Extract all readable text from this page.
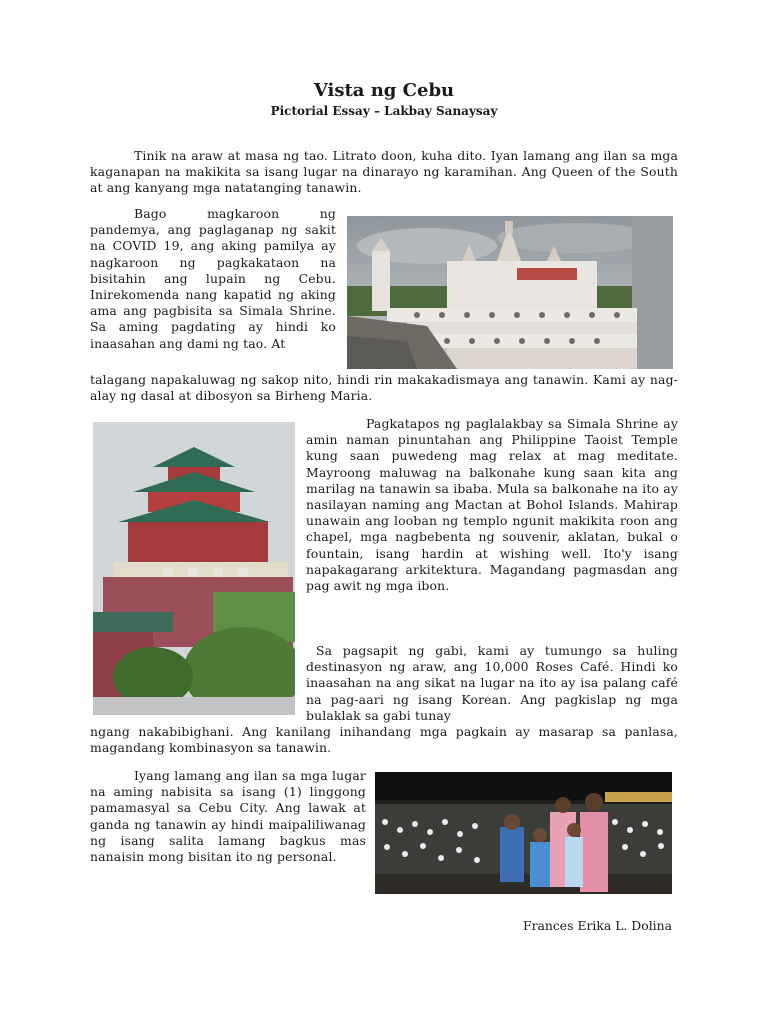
Vista ng Cebu
Pictorial Essay – Lakbay Sanaysay

Tinik na araw at masa ng tao. Litrato doon, kuha dito. Iyan lamang ang ilan sa mga kaganapan na makikita sa isang lugar na dinarayo ng karamihan. Ang Queen of the South at ang kanyang mga natatanging tanawin.

Bago magkaroon ng pandemya, ang paglaganap ng sakit na COVID 19, ang aking pamilya ay nagkaroon ng pagkakataon na bisitahin ang lupain ng Cebu. Inirekomenda nang kapatid ng aking ama ang pagbisita sa Simala Shrine. Sa aming pagdating ay hindi ko inaasahan ang dami ng tao. At

talagang napakaluwag ng sakop nito, hindi rin makakadismaya ang tanawin. Kami ay nag-alay ng dasal at dibosyon sa Birheng Maria.

Pagkatapos ng paglalakbay sa Simala Shrine ay amin naman pinuntahan ang Philippine Taoist Temple kung saan puwedeng mag relax at mag meditate. Mayroong maluwag na balkonahe kung saan kita ang marilag na tanawin sa ibaba. Mula sa balkonahe na ito ay nasilayan naming ang Mactan at Bohol Islands. Mahirap unawain ang looban ng templo ngunit makikita roon ang chapel, mga nagbebenta ng souvenir, aklatan, bukal o fountain, isang hardin at wishing well. Ito'y isang napakagarang arkitektura. Magandang pagmasdan ang pag awit ng mga ibon.

Sa pagsapit ng gabi, kami ay tumungo sa huling destinasyon ng araw, ang 10,000 Roses Café. Hindi ko inaasahan na ang sikat na lugar na ito ay isa palang café na pag-aari ng isang Korean. Ang pagkislap ng mga bulaklak sa gabi tunay

ngang nakabibighani. Ang kanilang inihandang mga pagkain ay masarap sa panlasa, magandang kombinasyon sa tanawin.

Iyang lamang ang ilan sa mga lugar na aming nabisita sa isang (1) linggong pamamasyal sa Cebu City. Ang lawak at ganda ng tanawin ay hindi maipaliliwanag ng isang salita lamang bagkus mas nanaisin mong bisitan ito ng personal.

Frances Erika L. Dolina
